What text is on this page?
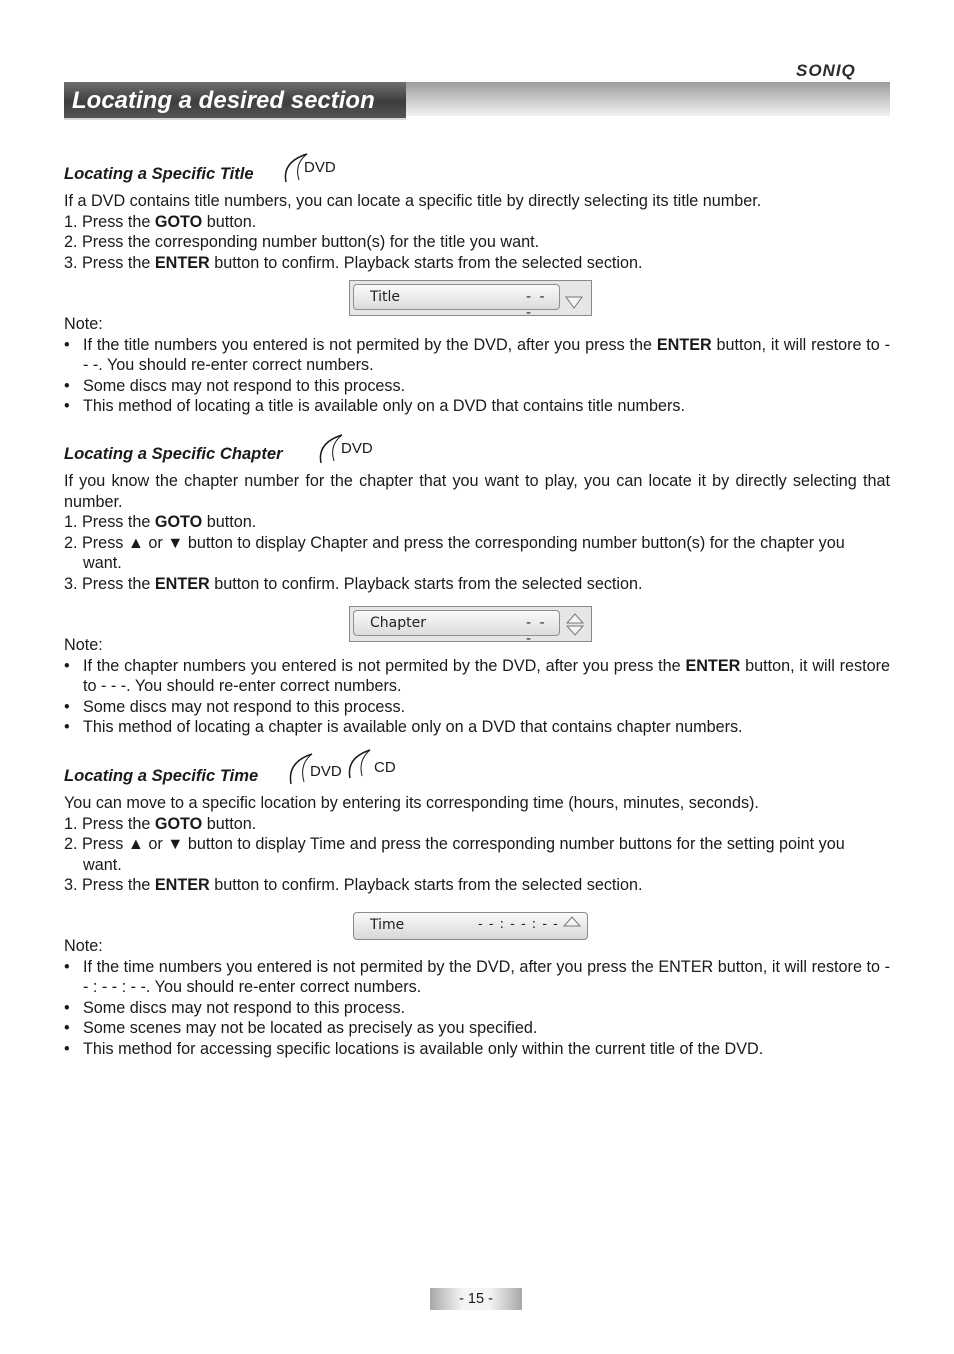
SONIQ
Locating a desired section
Locating a Specific Title	DVD

If a DVD contains title numbers, you can locate a specific title by directly selecting its title number.

1. Press the GOTO button.

2. Press the corresponding number button(s) for the title you want.

3. Press the ENTER button to confirm. Playback starts from the selected section.

Title	- - -

Note:

• If the title numbers you entered is not permited by the DVD, after you press the ENTER button, it will restore to - - -. You should re-enter correct numbers.

• Some discs may not respond to this process.

• This method of locating a title is available only on a DVD that contains title numbers.

Locating a Specific Chapter	DVD

If you know the chapter number for the chapter that you want to play, you can locate it by directly selecting that number.

1. Press the GOTO button.

2. Press ▲ or ▼ button to display Chapter and press the corresponding number button(s) for the chapter you

want.

3. Press the ENTER button to confirm. Playback starts from the selected section.

Chapter	- - -

Note:

• If the chapter numbers you entered is not permited by the DVD, after you press the ENTER button, it will restore to - - -. You should re-enter correct numbers.

• Some discs may not respond to this process.

• This method of locating a chapter is available only on a DVD that contains chapter numbers.

Locating a Specific Time	DVD CD

You can move to a specific location by entering its corresponding time (hours, minutes, seconds).

1. Press the GOTO button.

2. Press ▲ or ▼ button to display Time and press the corresponding number buttons for the setting point you

want.

3. Press the ENTER button to confirm. Playback starts from the selected section.

Time	- - : - - : - -

Note:

• If the time numbers you entered is not permited by the DVD, after you press the ENTER button, it will restore to - - : - - : - -. You should re-enter correct numbers.

• Some discs may not respond to this process.

• Some scenes may not be located as precisely as you specified.

• This method for accessing specific locations is available only within the current title of the DVD.

- 15 -
